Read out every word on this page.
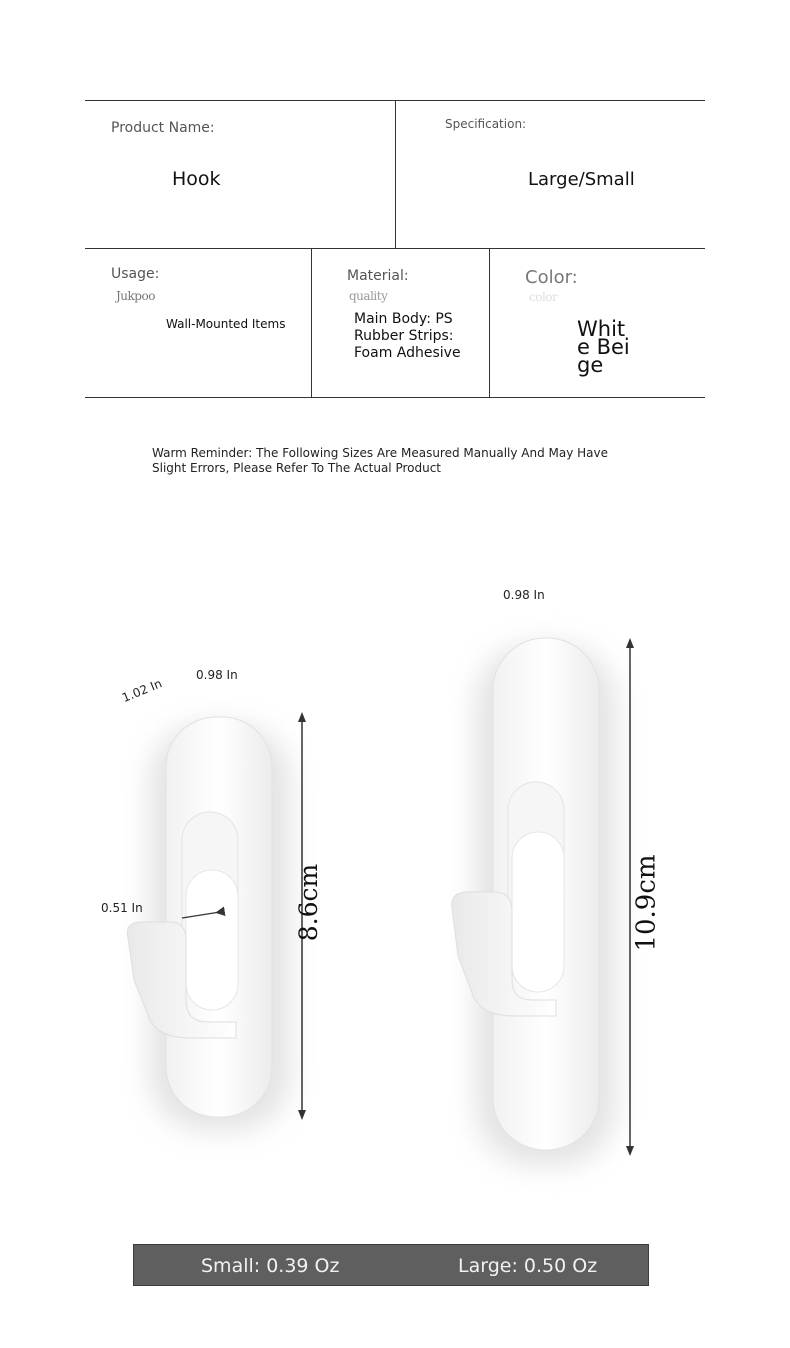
Product Name:
Hook
Specification:
Large/Small
Usage:
Jukpoo
Wall-Mounted Items
Material:
quality
Main Body: PS
Rubber Strips:
Foam Adhesive
Color:
color
White Beige
Warm Reminder: The Following Sizes Are Measured Manually And May Have Slight Errors, Please Refer To The Actual Product
0.98 In
1.02 In
0.51 In	8.6cm
0.98 In
10.9cm
Small: 0.39 Oz	Large: 0.50 Oz
